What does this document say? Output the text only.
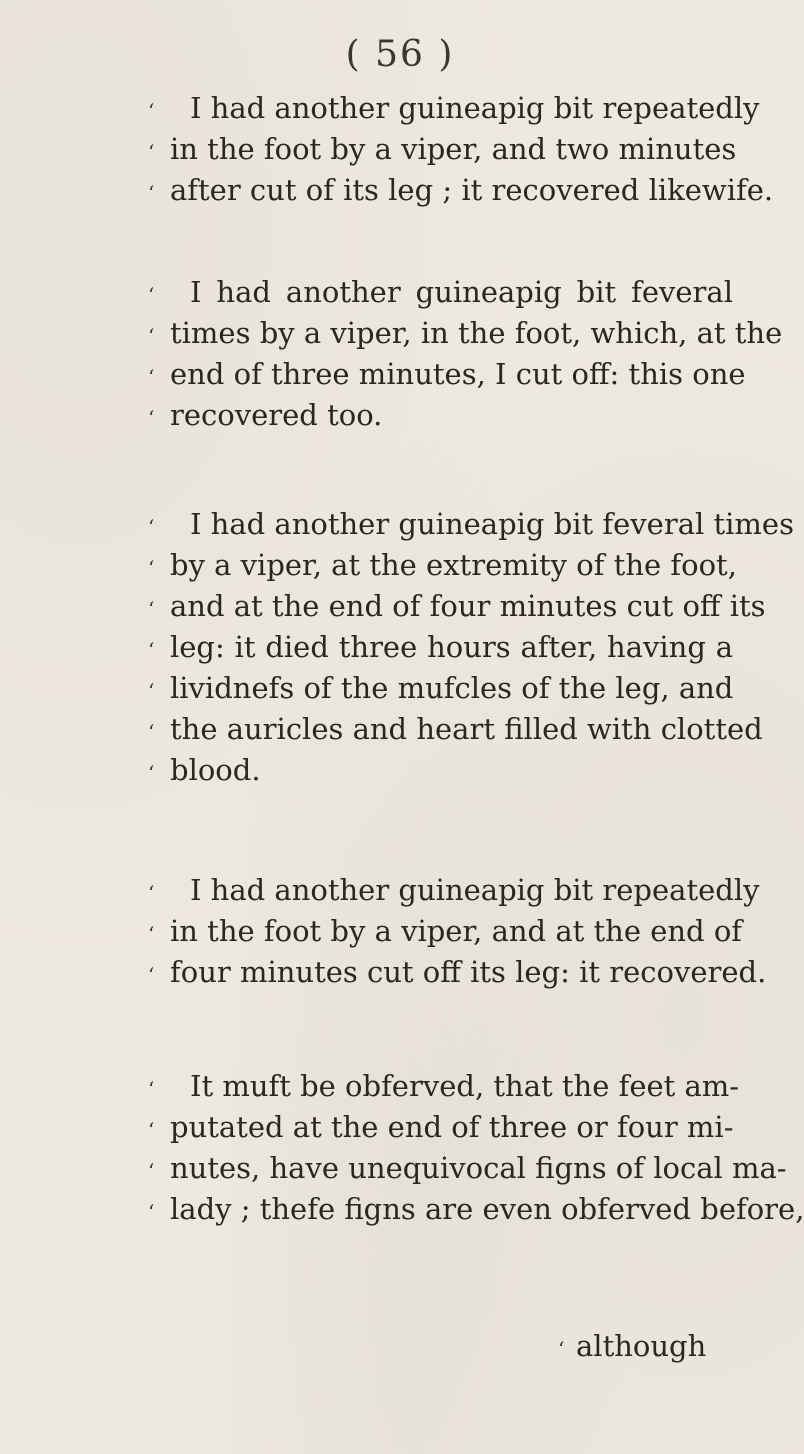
( 56 )
‘	I had another guineapig bit repeatedly
‘ in the foot by a viper, and two minutes
‘ after cut of its leg ; it recovered likewife.
‘	I had another guineapig bit feveral
‘ times by a viper, in the foot, which, at the
‘ end of three minutes, I cut off: this one
‘ recovered too.
‘	I had another guineapig bit feveral times
‘ by a viper, at the extremity of the foot,
‘ and at the end of four minutes cut off its
‘ leg: it died three hours after, having a
‘ lividnefs of the mufcles of the leg, and
‘ the auricles and heart filled with clotted
‘ blood.
‘	I had another guineapig bit repeatedly
‘ in the foot by a viper, and at the end of
‘ four minutes cut off its leg: it recovered.
‘	It muft be obferved, that the feet am-
‘ putated at the end of three or four mi-
‘ nutes, have unequivocal figns of local ma-
‘ lady ; thefe figns are even obferved before,
‘ although
